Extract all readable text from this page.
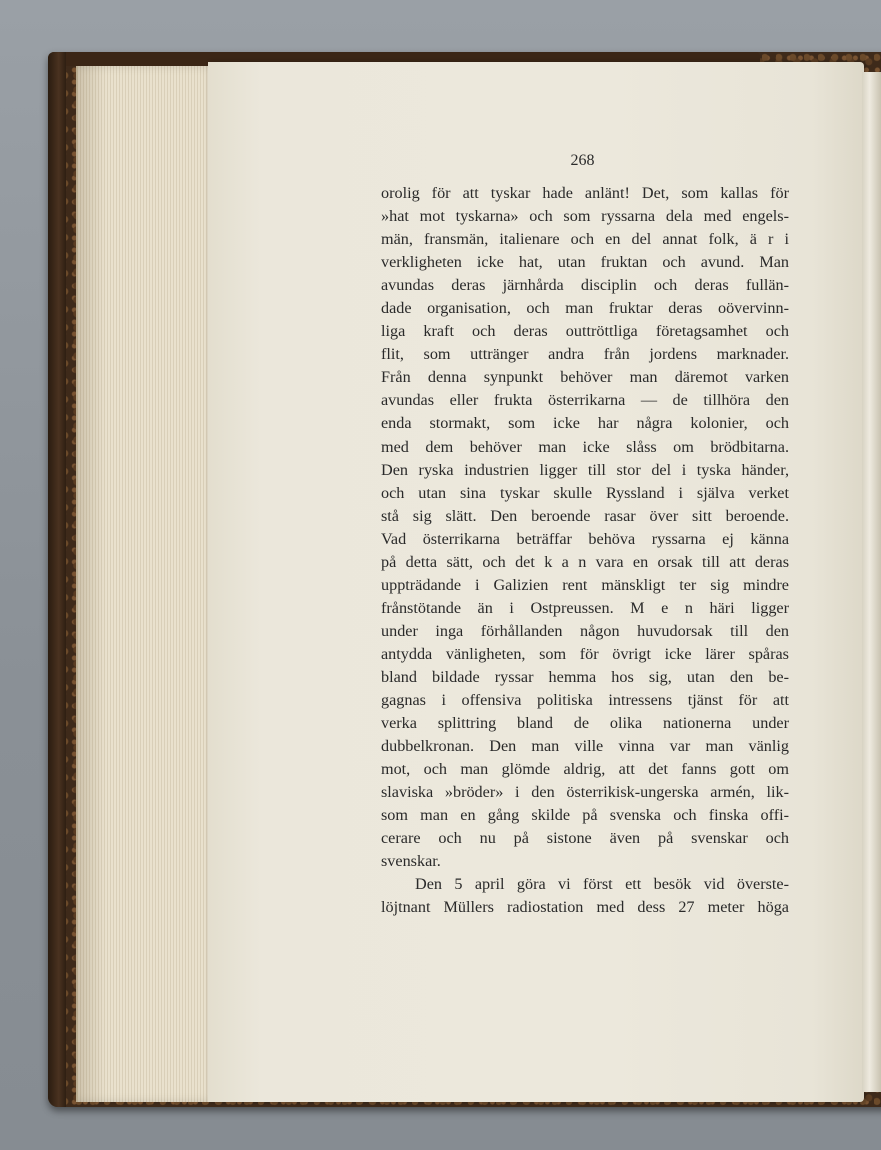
268
orolig för att tyskar hade anlänt! Det, som kallas för
»hat mot tyskarna» och som ryssarna dela med engels-
män, fransmän, italienare och en del annat folk, ä r i
verkligheten icke hat, utan fruktan och avund. Man
avundas deras järnhårda disciplin och deras fullän-
dade organisation, och man fruktar deras oövervinn-
liga kraft och deras outtröttliga företagsamhet och
flit, som uttränger andra från jordens marknader.
Från denna synpunkt behöver man däremot varken
avundas eller frukta österrikarna — de tillhöra den
enda stormakt, som icke har några kolonier, och
med dem behöver man icke slåss om brödbitarna.
Den ryska industrien ligger till stor del i tyska händer,
och utan sina tyskar skulle Ryssland i själva verket
stå sig slätt. Den beroende rasar över sitt beroende.
Vad österrikarna beträffar behöva ryssarna ej känna
på detta sätt, och det k a n vara en orsak till att deras
uppträdande i Galizien rent mänskligt ter sig mindre
frånstötande än i Ostpreussen. M e n häri ligger
under inga förhållanden någon huvudorsak till den
antydda vänligheten, som för övrigt icke lärer spåras
bland bildade ryssar hemma hos sig, utan den be-
gagnas i offensiva politiska intressens tjänst för att
verka splittring bland de olika nationerna under
dubbelkronan. Den man ville vinna var man vänlig
mot, och man glömde aldrig, att det fanns gott om
slaviska »bröder» i den österrikisk-ungerska armén, lik-
som man en gång skilde på svenska och finska offi-
cerare och nu på sistone även på svenskar och
svenskar.
Den 5 april göra vi först ett besök vid överste-
löjtnant Müllers radiostation med dess 27 meter höga
